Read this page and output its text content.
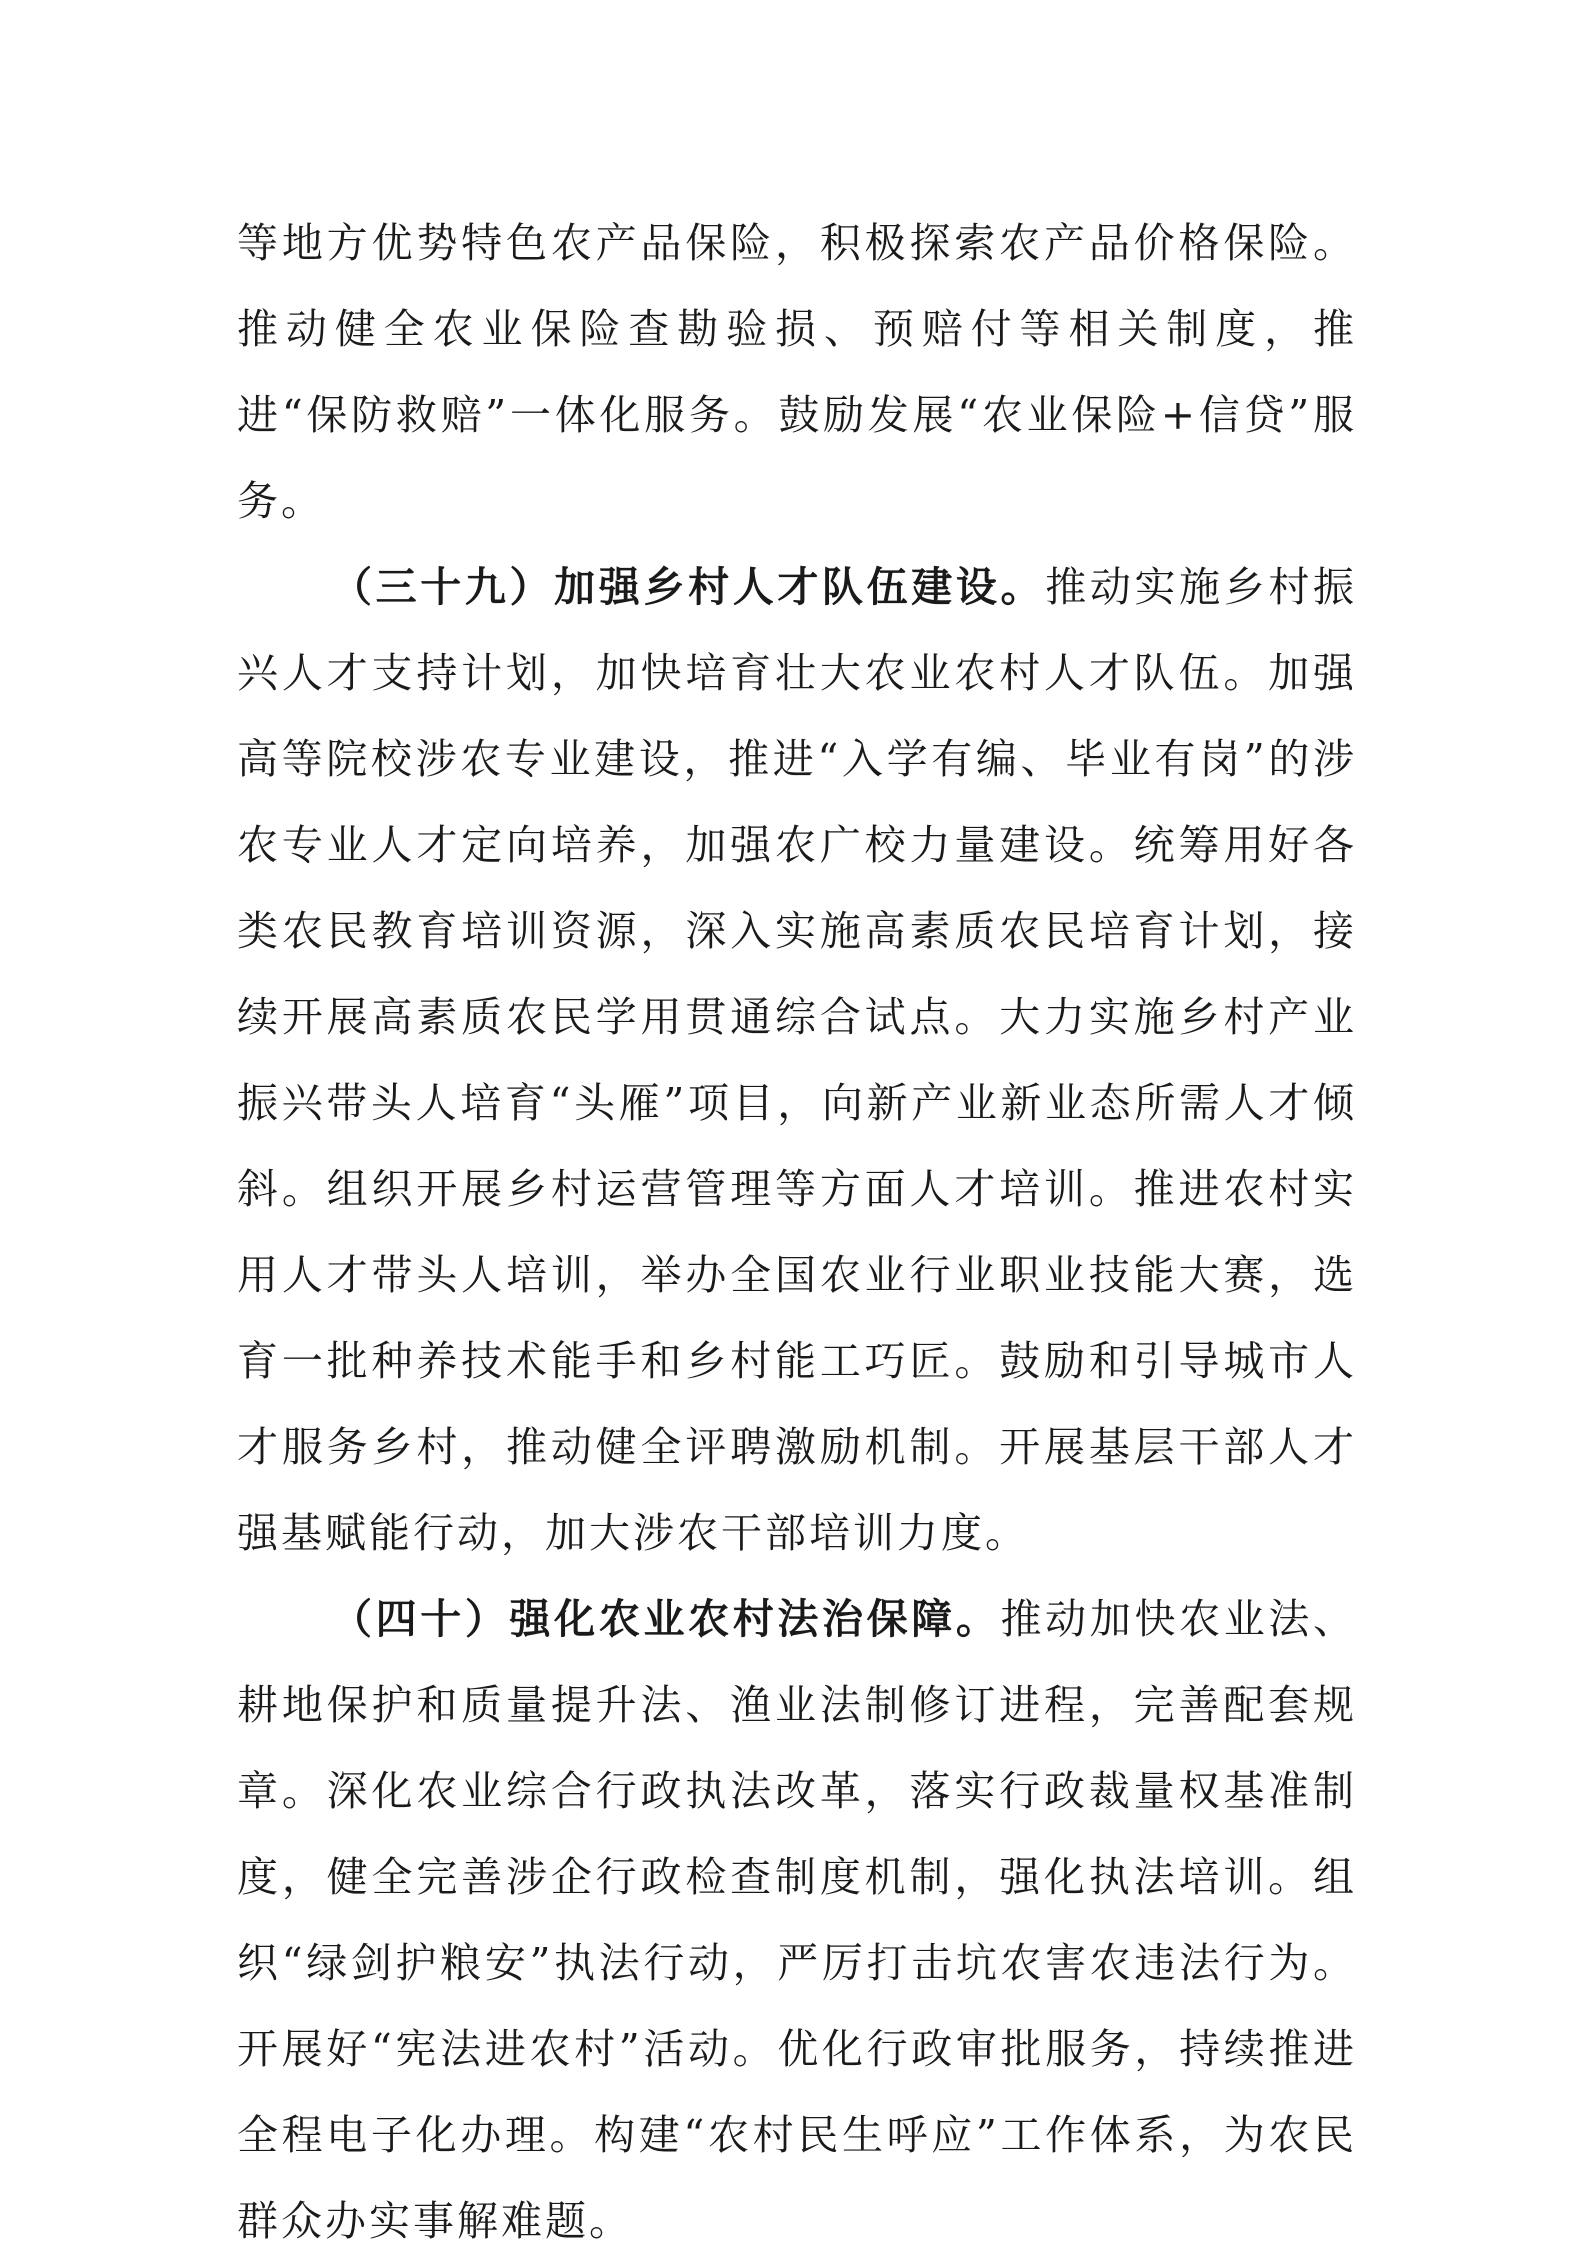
等地方优势特色农产品保险，积极探索农产品价格保险。推动健全农业保险查勘验损、预赔付等相关制度，推进“保防救赔”一体化服务。鼓励发展“农业保险+信贷”服务。

（三十九）加强乡村人才队伍建设。推动实施乡村振兴人才支持计划，加快培育壮大农业农村人才队伍。加强高等院校涉农专业建设，推进“入学有编、毕业有岗”的涉农专业人才定向培养，加强农广校力量建设。统筹用好各类农民教育培训资源，深入实施高素质农民培育计划，接续开展高素质农民学用贯通综合试点。大力实施乡村产业振兴带头人培育“头雁”项目，向新产业新业态所需人才倾斜。组织开展乡村运营管理等方面人才培训。推进农村实用人才带头人培训，举办全国农业行业职业技能大赛，选育一批种养技术能手和乡村能工巧匠。鼓励和引导城市人才服务乡村，推动健全评聘激励机制。开展基层干部人才强基赋能行动，加大涉农干部培训力度。

（四十）强化农业农村法治保障。推动加快农业法、耕地保护和质量提升法、渔业法制修订进程，完善配套规章。深化农业综合行政执法改革，落实行政裁量权基准制度，健全完善涉企行政检查制度机制，强化执法培训。组织“绿剑护粮安”执法行动，严厉打击坑农害农违法行为。开展好“宪法进农村”活动。优化行政审批服务，持续推进全程电子化办理。构建“农村民生呼应”工作体系，为农民群众办实事解难题。
